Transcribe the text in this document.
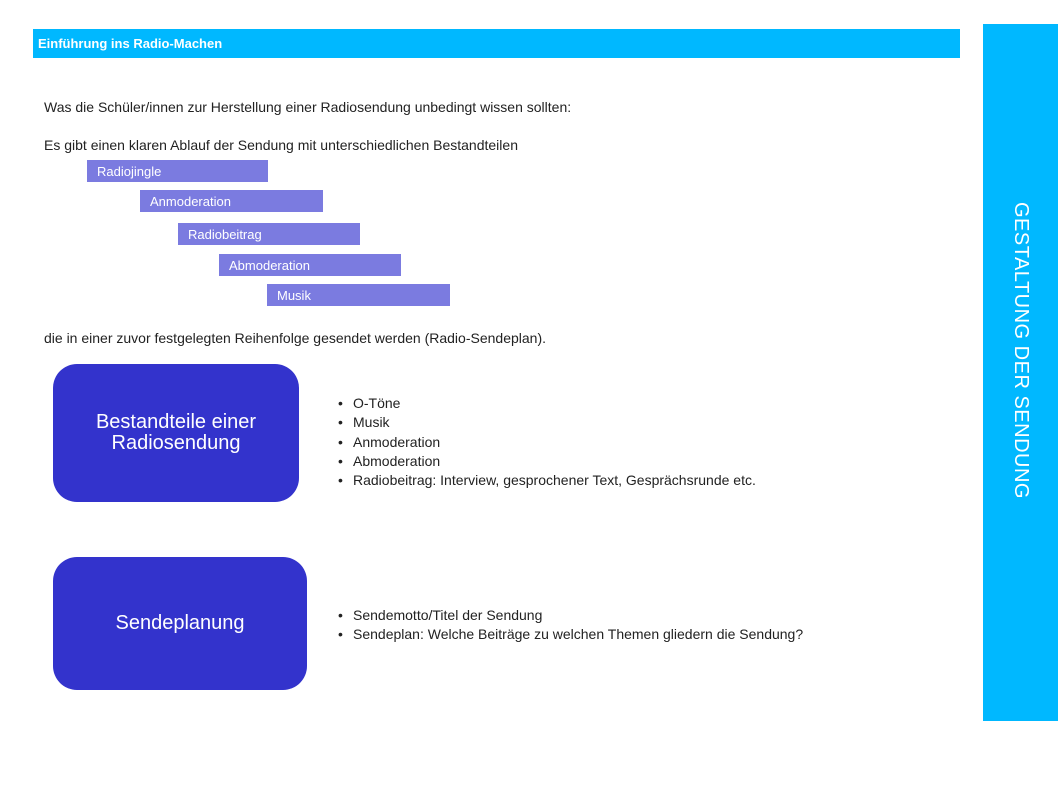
Einführung ins Radio-Machen
GESTALTUNG DER SENDUNG
Was die Schüler/innen zur Herstellung einer Radiosendung unbedingt wissen sollten:
Es gibt einen klaren Ablauf der Sendung mit unterschiedlichen Bestandteilen
Radiojingle
Anmoderation
Radiobeitrag
Abmoderation
Musik
die in einer zuvor festgelegten Reihenfolge gesendet werden (Radio-Sendeplan).
Bestandteile einer Radiosendung
• O-Töne
• Musik
• Anmoderation
• Abmoderation
• Radiobeitrag: Interview, gesprochener Text, Gesprächsrunde etc.
Sendeplanung
•	Sendemotto/Titel der Sendung
• Sendeplan: Welche Beiträge zu welchen Themen gliedern die Sendung?
